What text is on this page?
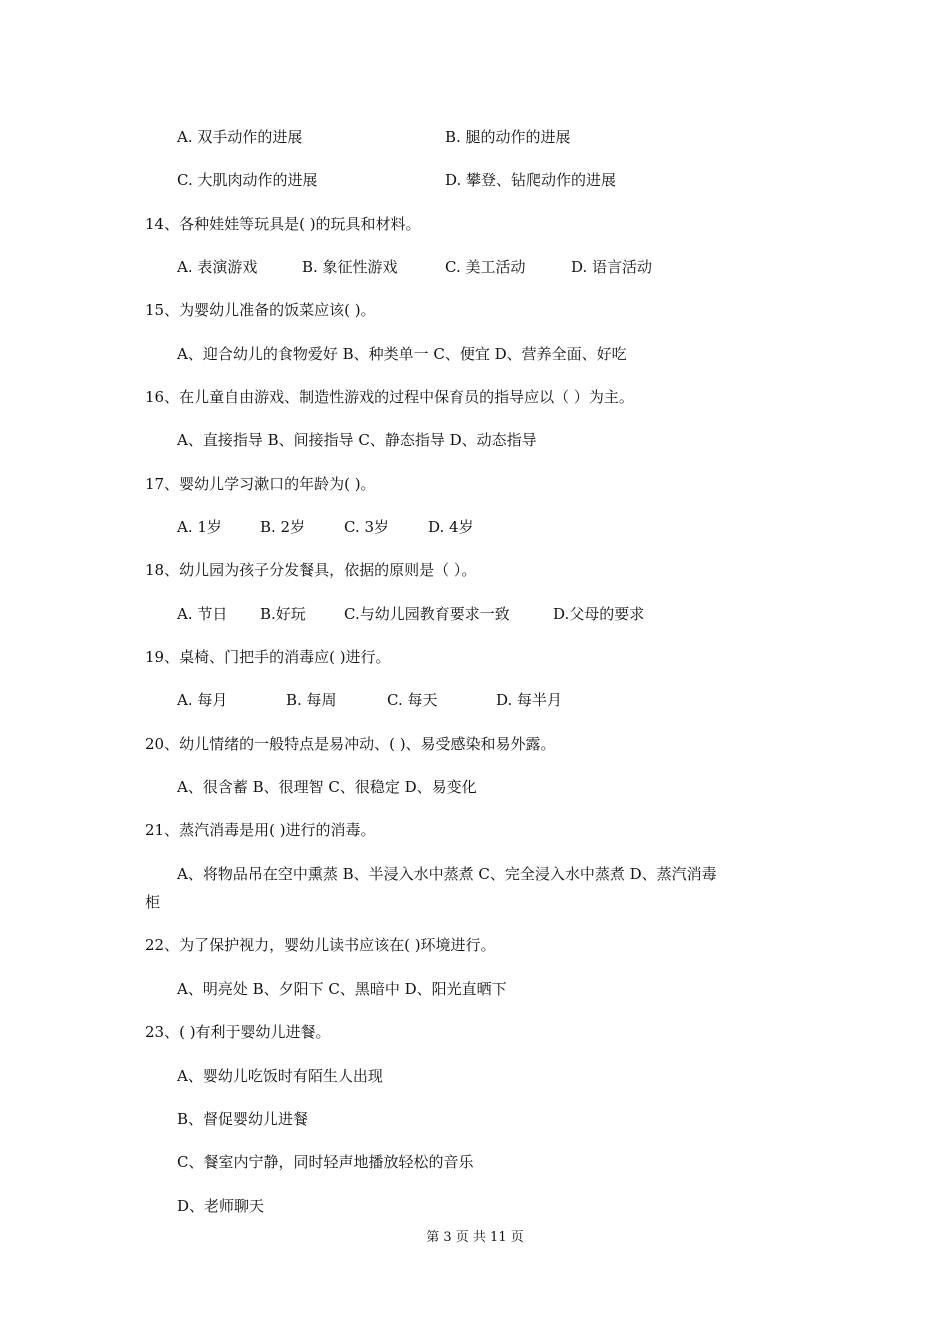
A. 双手动作的进展	B. 腿的动作的进展
C. 大肌肉动作的进展	D. 攀登、钻爬动作的进展
14、各种娃娃等玩具是( )的玩具和材料。
A. 表演游戏	B. 象征性游戏	C. 美工活动	D. 语言活动
15、为婴幼儿准备的饭菜应该( )。
A、迎合幼儿的食物爱好 B、种类单一 C、便宜 D、营养全面、好吃
16、在儿童自由游戏、制造性游戏的过程中保育员的指导应以（ ）为主。
A、直接指导 B、间接指导 C、静态指导 D、动态指导
17、婴幼儿学习漱口的年龄为( )。
A. 1岁	B. 2岁	C. 3岁	D. 4岁
18、幼儿园为孩子分发餐具，依据的原则是（ ）。
A. 节日 B.好玩	C.与幼儿园教育要求一致	D.父母的要求
19、桌椅、门把手的消毒应( )进行。
A. 每月	B. 每周	C. 每天	D. 每半月
20、幼儿情绪的一般特点是易冲动、( )、易受感染和易外露。
A、很含蓄 B、很理智 C、很稳定 D、易变化
21、蒸汽消毒是用( )进行的消毒。
A、将物品吊在空中熏蒸 B、半浸入水中蒸煮 C、完全浸入水中蒸煮 D、蒸汽消毒
柜
22、为了保护视力，婴幼儿读书应该在( )环境进行。
A、明亮处 B、夕阳下 C、黑暗中 D、阳光直晒下
23、( )有利于婴幼儿进餐。
A、婴幼儿吃饭时有陌生人出现
B、督促婴幼儿进餐
C、餐室内宁静，同时轻声地播放轻松的音乐
D、老师聊天
第 3 页 共 11 页
